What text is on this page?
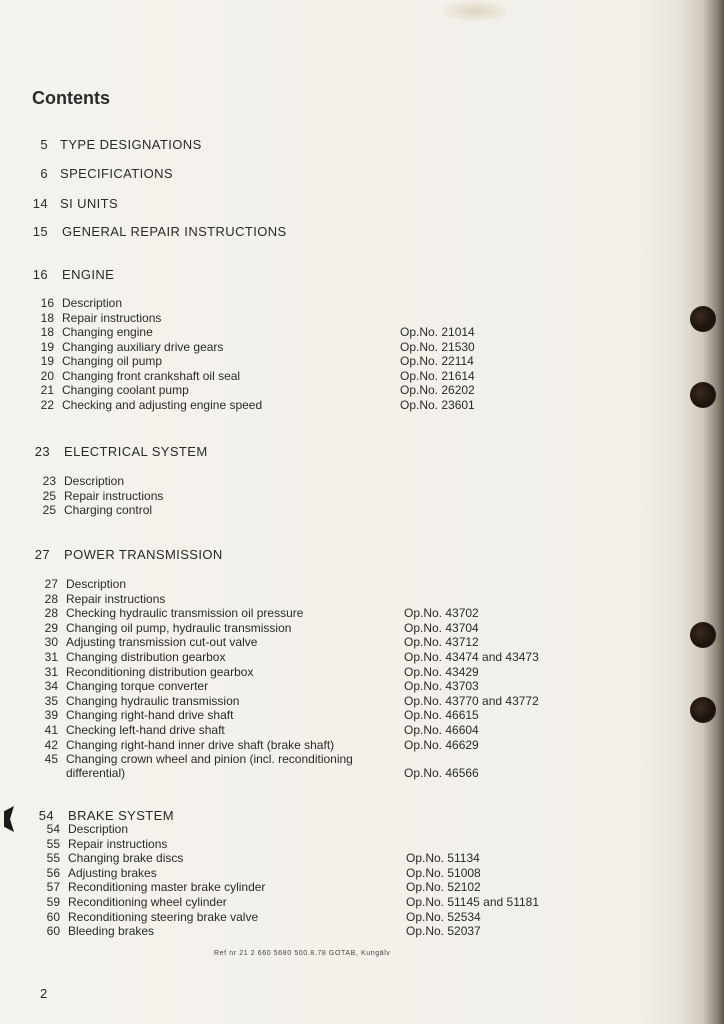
Contents
5 TYPE DESIGNATIONS
6 SPECIFICATIONS
14 SI UNITS
15 GENERAL REPAIR INSTRUCTIONS
16 ENGINE
16 Description
18 Repair instructions
18 Changing engine	Op.No. 21014
19 Changing auxiliary drive gears	Op.No. 21530
19 Changing oil pump	Op.No. 22114
20 Changing front crankshaft oil seal	Op.No. 21614
21 Changing coolant pump	Op.No. 26202
22 Checking and adjusting engine speed	Op.No. 23601
23 ELECTRICAL SYSTEM
23 Description
25 Repair instructions
25 Charging control
27 POWER TRANSMISSION
27 Description
28 Repair instructions
28 Checking hydraulic transmission oil pressure	Op.No. 43702
29 Changing oil pump, hydraulic transmission	Op.No. 43704
30 Adjusting transmission cut-out valve	Op.No. 43712
31 Changing distribution gearbox	Op.No. 43474 and 43473
31 Reconditioning distribution gearbox	Op.No. 43429
34 Changing torque converter	Op.No. 43703
35 Changing hydraulic transmission	Op.No. 43770 and 43772
39 Changing right-hand drive shaft	Op.No. 46615
41 Checking left-hand drive shaft	Op.No. 46604
42 Changing right-hand inner drive shaft (brake shaft)	Op.No. 46629
45 Changing crown wheel and pinion (incl. reconditioning
differential)	Op.No. 46566
54 BRAKE SYSTEM
54 Description
55 Repair instructions
55 Changing brake discs	Op.No. 51134
56 Adjusting brakes	Op.No. 51008
57 Reconditioning master brake cylinder	Op.No. 52102
59 Reconditioning wheel cylinder	Op.No. 51145 and 51181
60 Reconditioning steering brake valve	Op.No. 52534
60 Bleeding brakes	Op.No. 52037
Ref nr 21 2 660 5680 500.8.78 GOTAB, Kungälv
2
